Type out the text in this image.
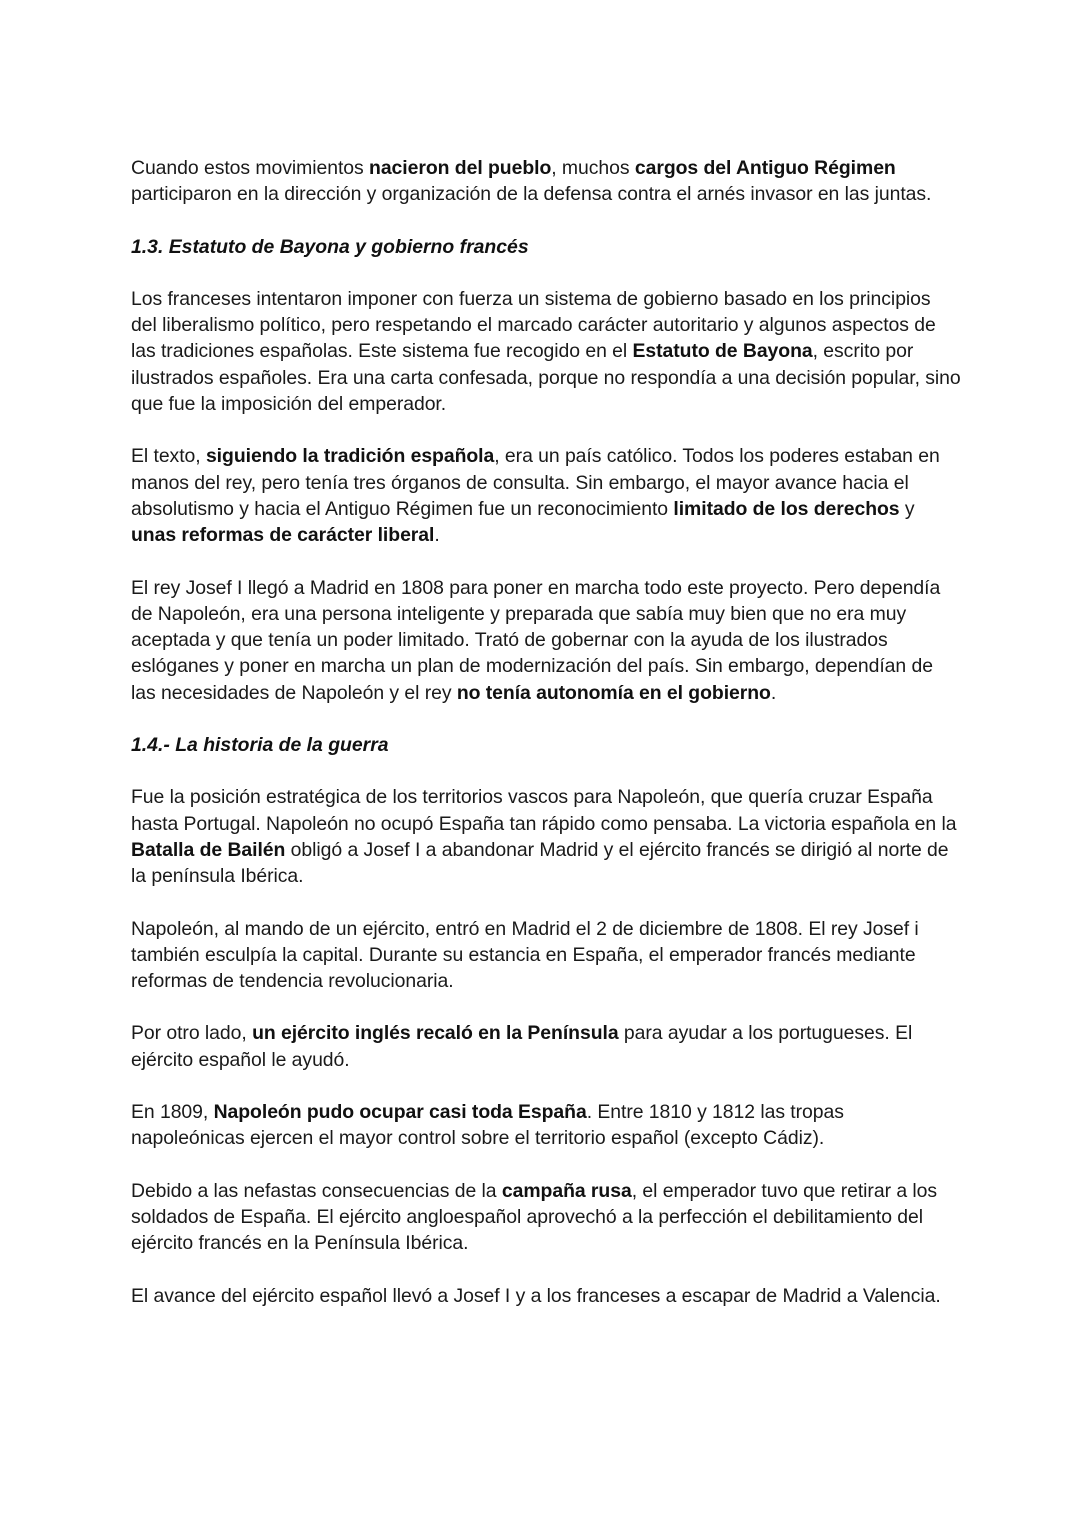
Cuando estos movimientos nacieron del pueblo, muchos cargos del Antiguo Régimen participaron en la dirección y organización de la defensa contra el arnés invasor en las juntas.

1.3. Estatuto de Bayona y gobierno francés

Los franceses intentaron imponer con fuerza un sistema de gobierno basado en los principios del liberalismo político, pero respetando el marcado carácter autoritario y algunos aspectos de las tradiciones españolas. Este sistema fue recogido en el Estatuto de Bayona, escrito por ilustrados españoles. Era una carta confesada, porque no respondía a una decisión popular, sino que fue la imposición del emperador.

El texto, siguiendo la tradición española, era un país católico. Todos los poderes estaban en manos del rey, pero tenía tres órganos de consulta. Sin embargo, el mayor avance hacia el absolutismo y hacia el Antiguo Régimen fue un reconocimiento limitado de los derechos y unas reformas de carácter liberal.

El rey Josef I llegó a Madrid en 1808 para poner en marcha todo este proyecto. Pero dependía de Napoleón, era una persona inteligente y preparada que sabía muy bien que no era muy aceptada y que tenía un poder limitado. Trató de gobernar con la ayuda de los ilustrados eslóganes y poner en marcha un plan de modernización del país. Sin embargo, dependían de las necesidades de Napoleón y el rey no tenía autonomía en el gobierno.

1.4.- La historia de la guerra

Fue la posición estratégica de los territorios vascos para Napoleón, que quería cruzar España hasta Portugal. Napoleón no ocupó España tan rápido como pensaba. La victoria española en la Batalla de Bailén obligó a Josef I a abandonar Madrid y el ejército francés se dirigió al norte de la península Ibérica.

Napoleón, al mando de un ejército, entró en Madrid el 2 de diciembre de 1808. El rey Josef i también esculpía la capital. Durante su estancia en España, el emperador francés mediante reformas de tendencia revolucionaria.

Por otro lado, un ejército inglés recaló en la Península para ayudar a los portugueses. El ejército español le ayudó.

En 1809, Napoleón pudo ocupar casi toda España. Entre 1810 y 1812 las tropas napoleónicas ejercen el mayor control sobre el territorio español (excepto Cádiz).

Debido a las nefastas consecuencias de la campaña rusa, el emperador tuvo que retirar a los soldados de España. El ejército angloespañol aprovechó a la perfección el debilitamiento del ejército francés en la Península Ibérica.

El avance del ejército español llevó a Josef I y a los franceses a escapar de Madrid a Valencia.
